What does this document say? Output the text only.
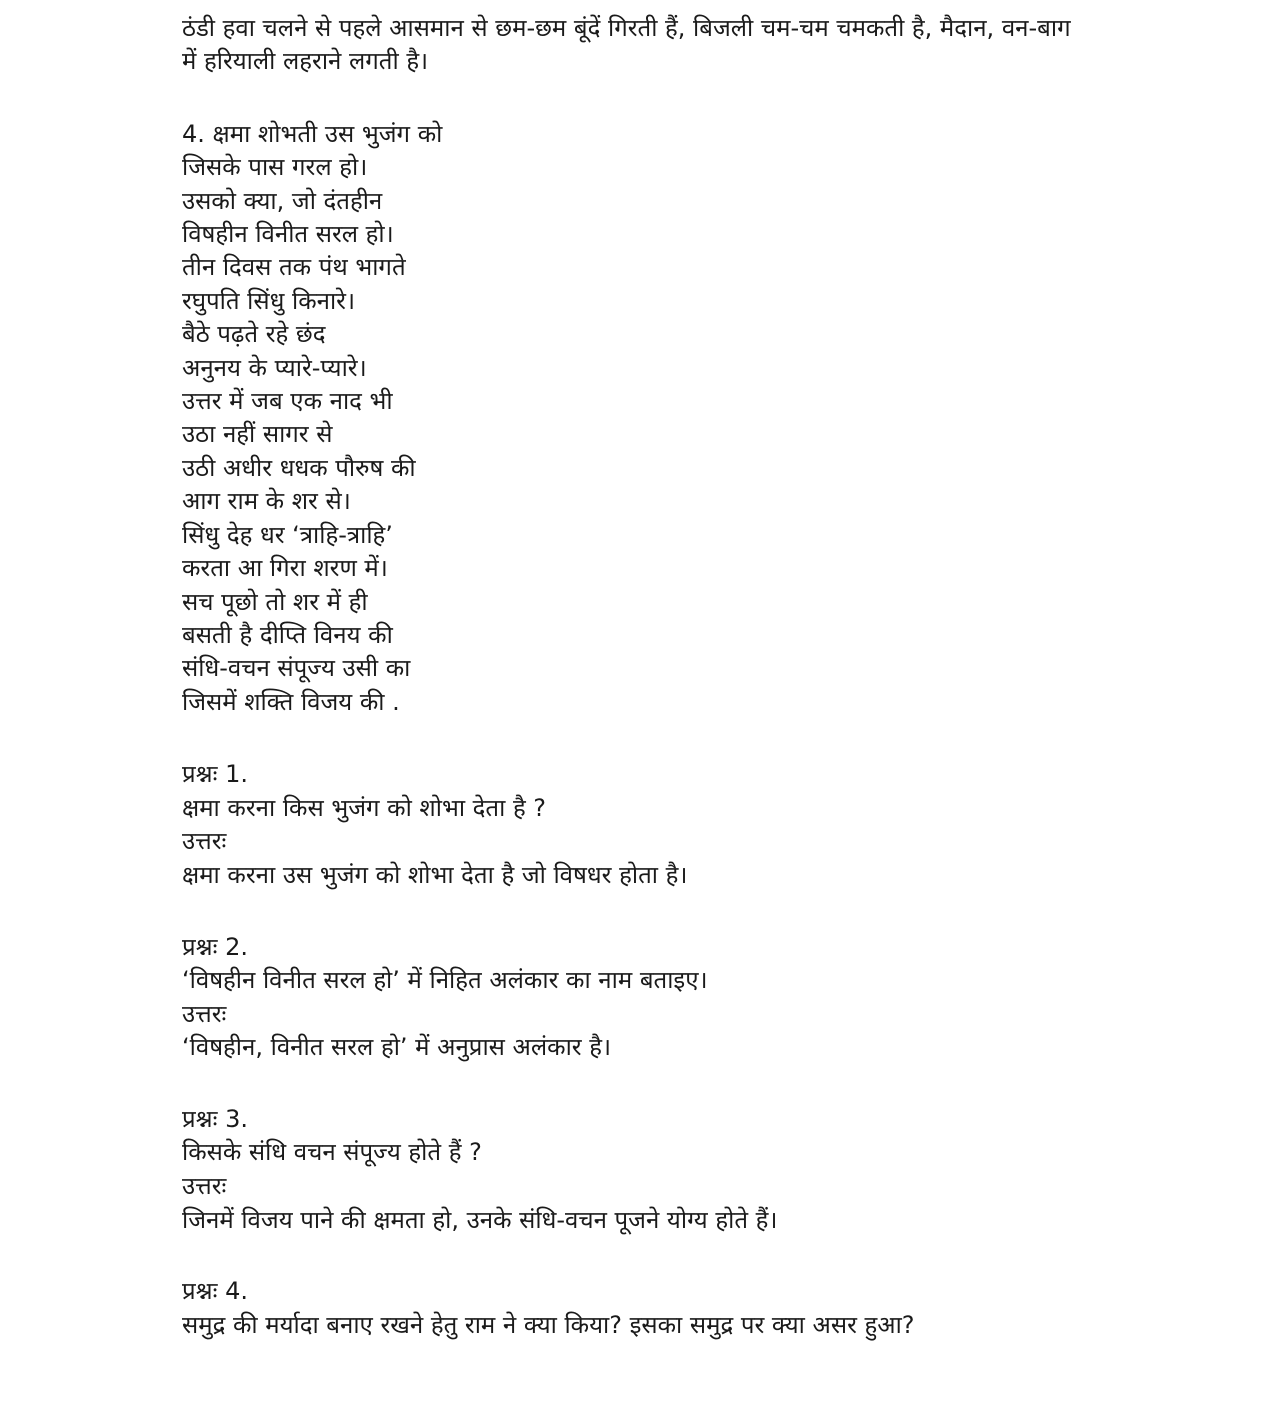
ठंडी हवा चलने से पहले आसमान से छम-छम बूंदें गिरती हैं, बिजली चम-चम चमकती है, मैदान, वन-बाग
में हरियाली लहराने लगती है।
4. क्षमा शोभती उस भुजंग को
जिसके पास गरल हो।
उसको क्या, जो दंतहीन
विषहीन विनीत सरल हो।
तीन दिवस तक पंथ भागते
रघुपति सिंधु किनारे।
बैठे पढ़ते रहे छंद
अनुनय के प्यारे-प्यारे।
उत्तर में जब एक नाद भी
उठा नहीं सागर से
उठी अधीर धधक पौरुष की
आग राम के शर से।
सिंधु देह धर ‘त्राहि-त्राहि’
करता आ गिरा शरण में।
सच पूछो तो शर में ही
बसती है दीप्ति विनय की
संधि-वचन संपूज्य उसी का
जिसमें शक्ति विजय की .
प्रश्नः 1.
क्षमा करना किस भुजंग को शोभा देता है ?
उत्तरः
क्षमा करना उस भुजंग को शोभा देता है जो विषधर होता है।
प्रश्नः 2.
‘विषहीन विनीत सरल हो’ में निहित अलंकार का नाम बताइए।
उत्तरः
‘विषहीन, विनीत सरल हो’ में अनुप्रास अलंकार है।
प्रश्नः 3.
किसके संधि वचन संपूज्य होते हैं ?
उत्तरः
जिनमें विजय पाने की क्षमता हो, उनके संधि-वचन पूजने योग्य होते हैं।
प्रश्नः 4.
समुद्र की मर्यादा बनाए रखने हेतु राम ने क्या किया? इसका समुद्र पर क्या असर हुआ?
